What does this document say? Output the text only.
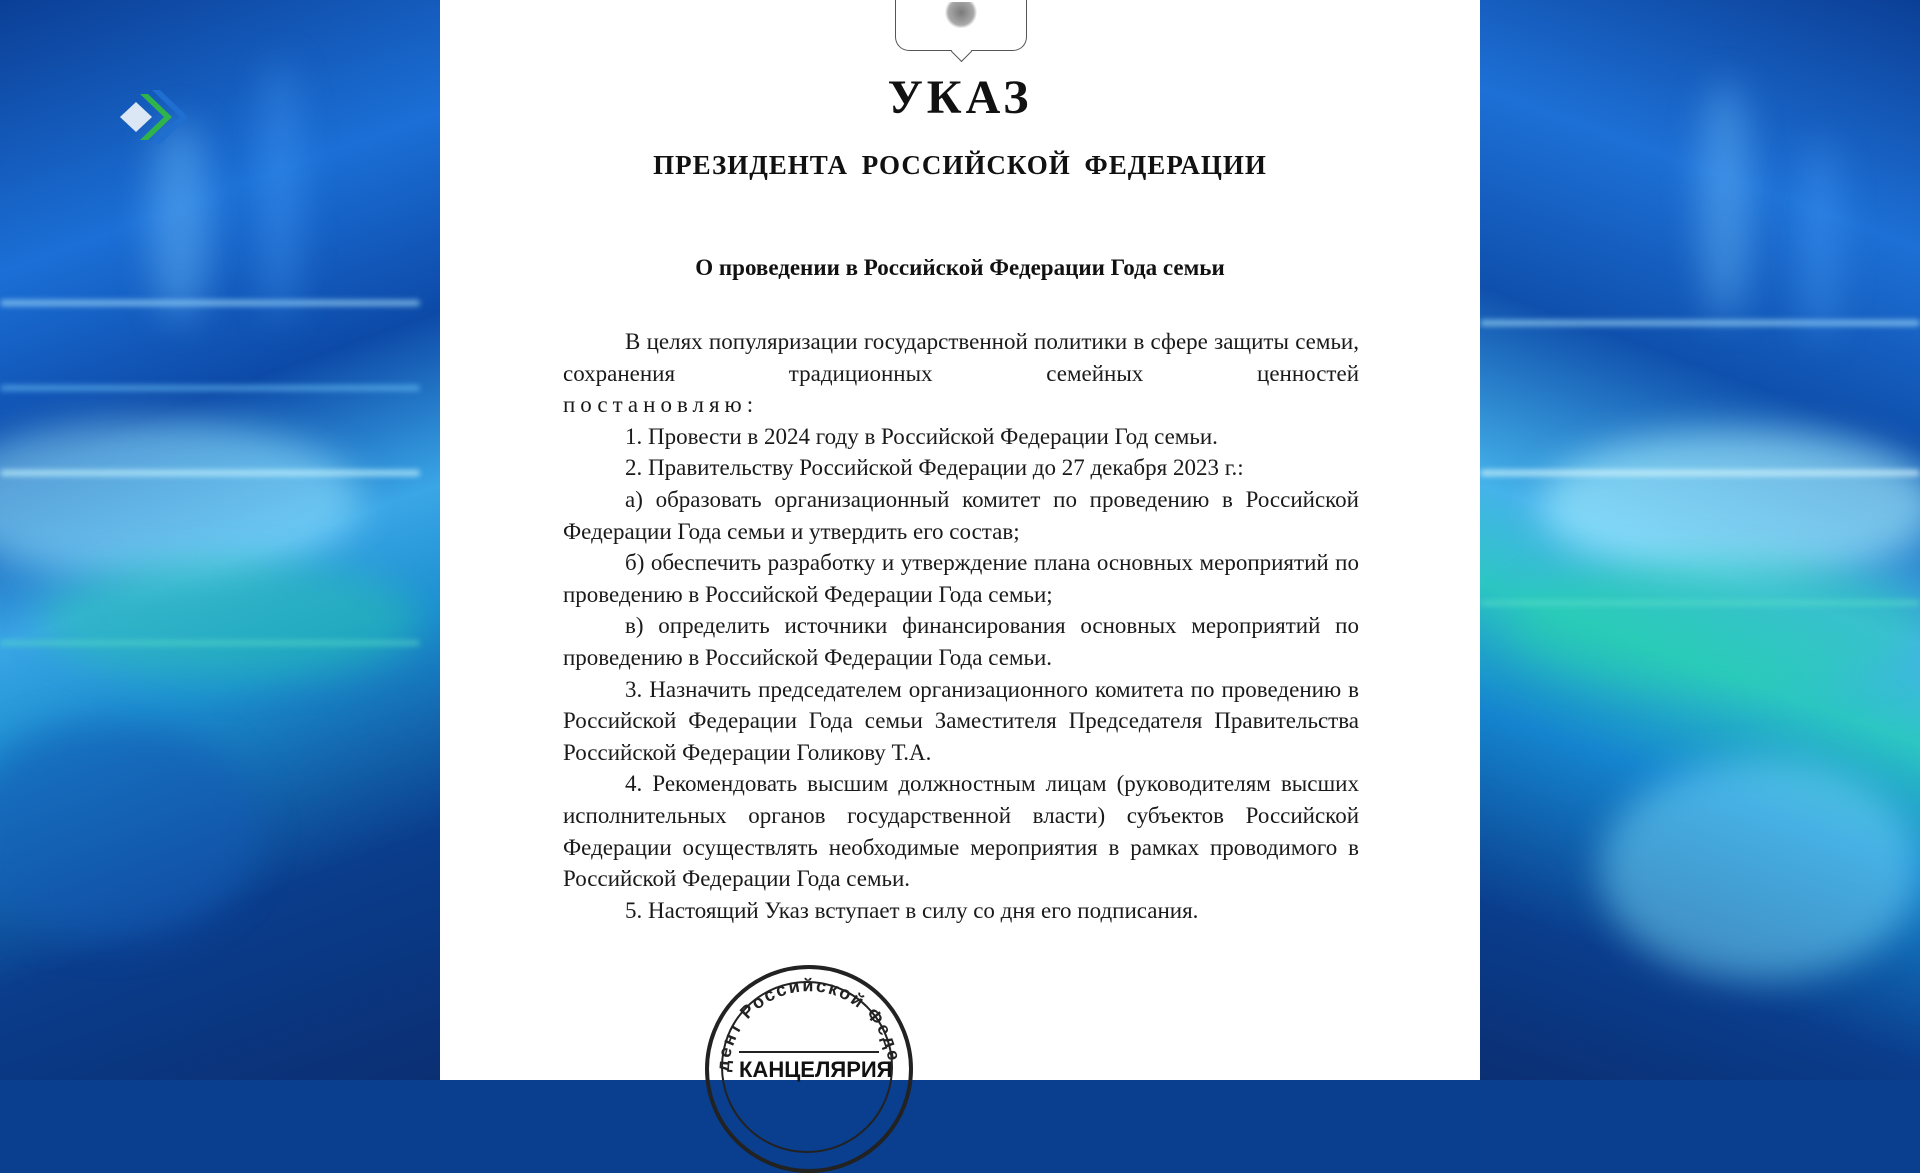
УКАЗ
ПРЕЗИДЕНТА РОССИЙСКОЙ ФЕДЕРАЦИИ
О проведении в Российской Федерации Года семьи

В целях популяризации государственной политики в сфере защиты семьи, сохранения традиционных семейных ценностей

постановляю:

1. Провести в 2024 году в Российской Федерации Год семьи.

2. Правительству Российской Федерации до 27 декабря 2023 г.:

а) образовать организационный комитет по проведению в Российской Федерации Года семьи и утвердить его состав;

б) обеспечить разработку и утверждение плана основных мероприятий по проведению в Российской Федерации Года семьи;

в) определить источники финансирования основных мероприятий по проведению в Российской Федерации Года семьи.

3. Назначить председателем организационного комитета по проведению в Российской Федерации Года семьи Заместителя Председателя Правительства Российской Федерации Голикову Т.А.

4. Рекомендовать высшим должностным лицам (руководителям высших исполнительных органов государственной власти) субъектов Российской Федерации осуществлять необходимые мероприятия в рамках проводимого в Российской Федерации Года семьи.

5. Настоящий Указ вступает в силу со дня его подписания.

дент Российской Феде
КАНЦЕЛЯРИЯ
